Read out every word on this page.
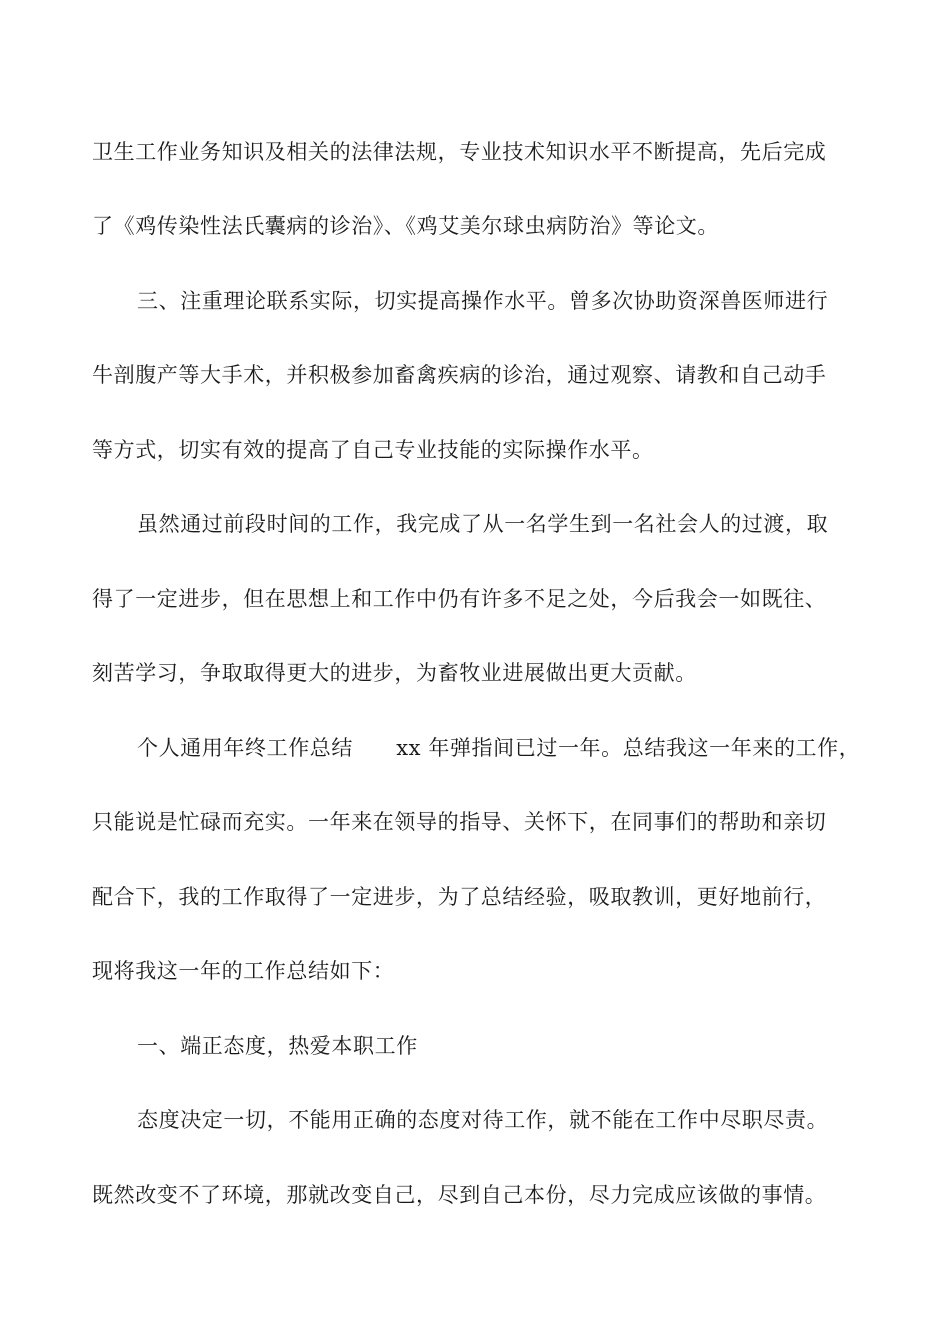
卫生工作业务知识及相关的法律法规，专业技术知识水平不断提高，先后完成
了《鸡传染性法氏囊病的诊治》、《鸡艾美尔球虫病防治》等论文。
三、注重理论联系实际，切实提高操作水平。曾多次协助资深兽医师进行
牛剖腹产等大手术，并积极参加畜禽疾病的诊治，通过观察、请教和自己动手
等方式，切实有效的提高了自己专业技能的实际操作水平。
虽然通过前段时间的工作，我完成了从一名学生到一名社会人的过渡，取
得了一定进步，但在思想上和工作中仍有许多不足之处，今后我会一如既往、
刻苦学习，争取取得更大的进步，为畜牧业进展做出更大贡献。
个人通用年终工作总结　　xx 年弹指间已过一年。总结我这一年来的工作，
只能说是忙碌而充实。一年来在领导的指导、关怀下，在同事们的帮助和亲切
配合下，我的工作取得了一定进步，为了总结经验，吸取教训，更好地前行，
现将我这一年的工作总结如下：
一、端正态度，热爱本职工作
态度决定一切，不能用正确的态度对待工作，就不能在工作中尽职尽责。
既然改变不了环境，那就改变自己，尽到自己本份，尽力完成应该做的事情。
